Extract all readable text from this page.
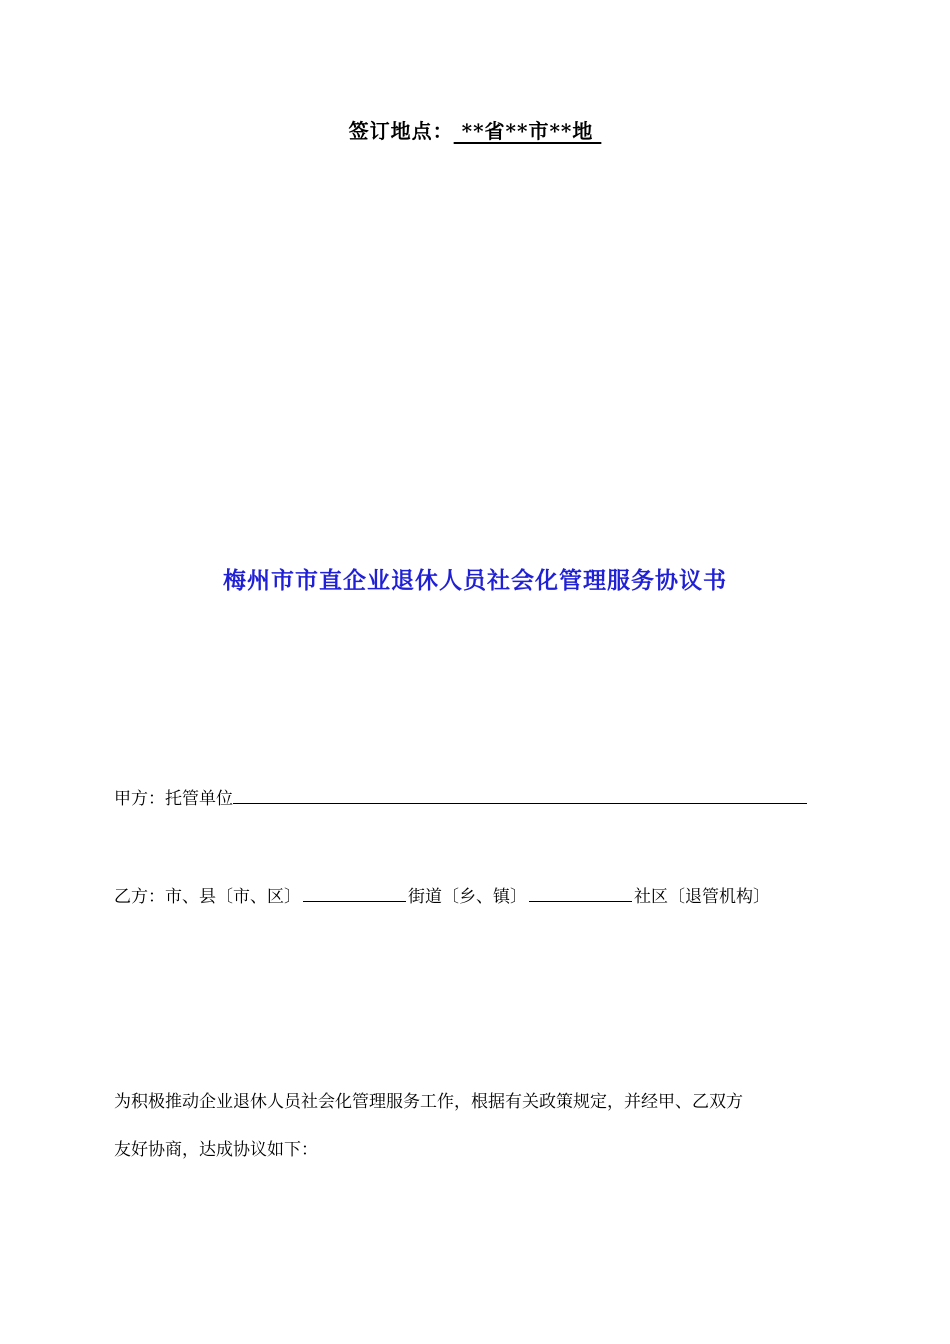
签订地点： **省**市**地
梅州市市直企业退休人员社会化管理服务协议书
甲方：托管单位
乙方：市、县〔市、区〕	街道〔乡、镇〕	社区〔退管机构〕
为积极推动企业退休人员社会化管理服务工作，根据有关政策规定，并经甲、乙双方
友好协商，达成协议如下：
